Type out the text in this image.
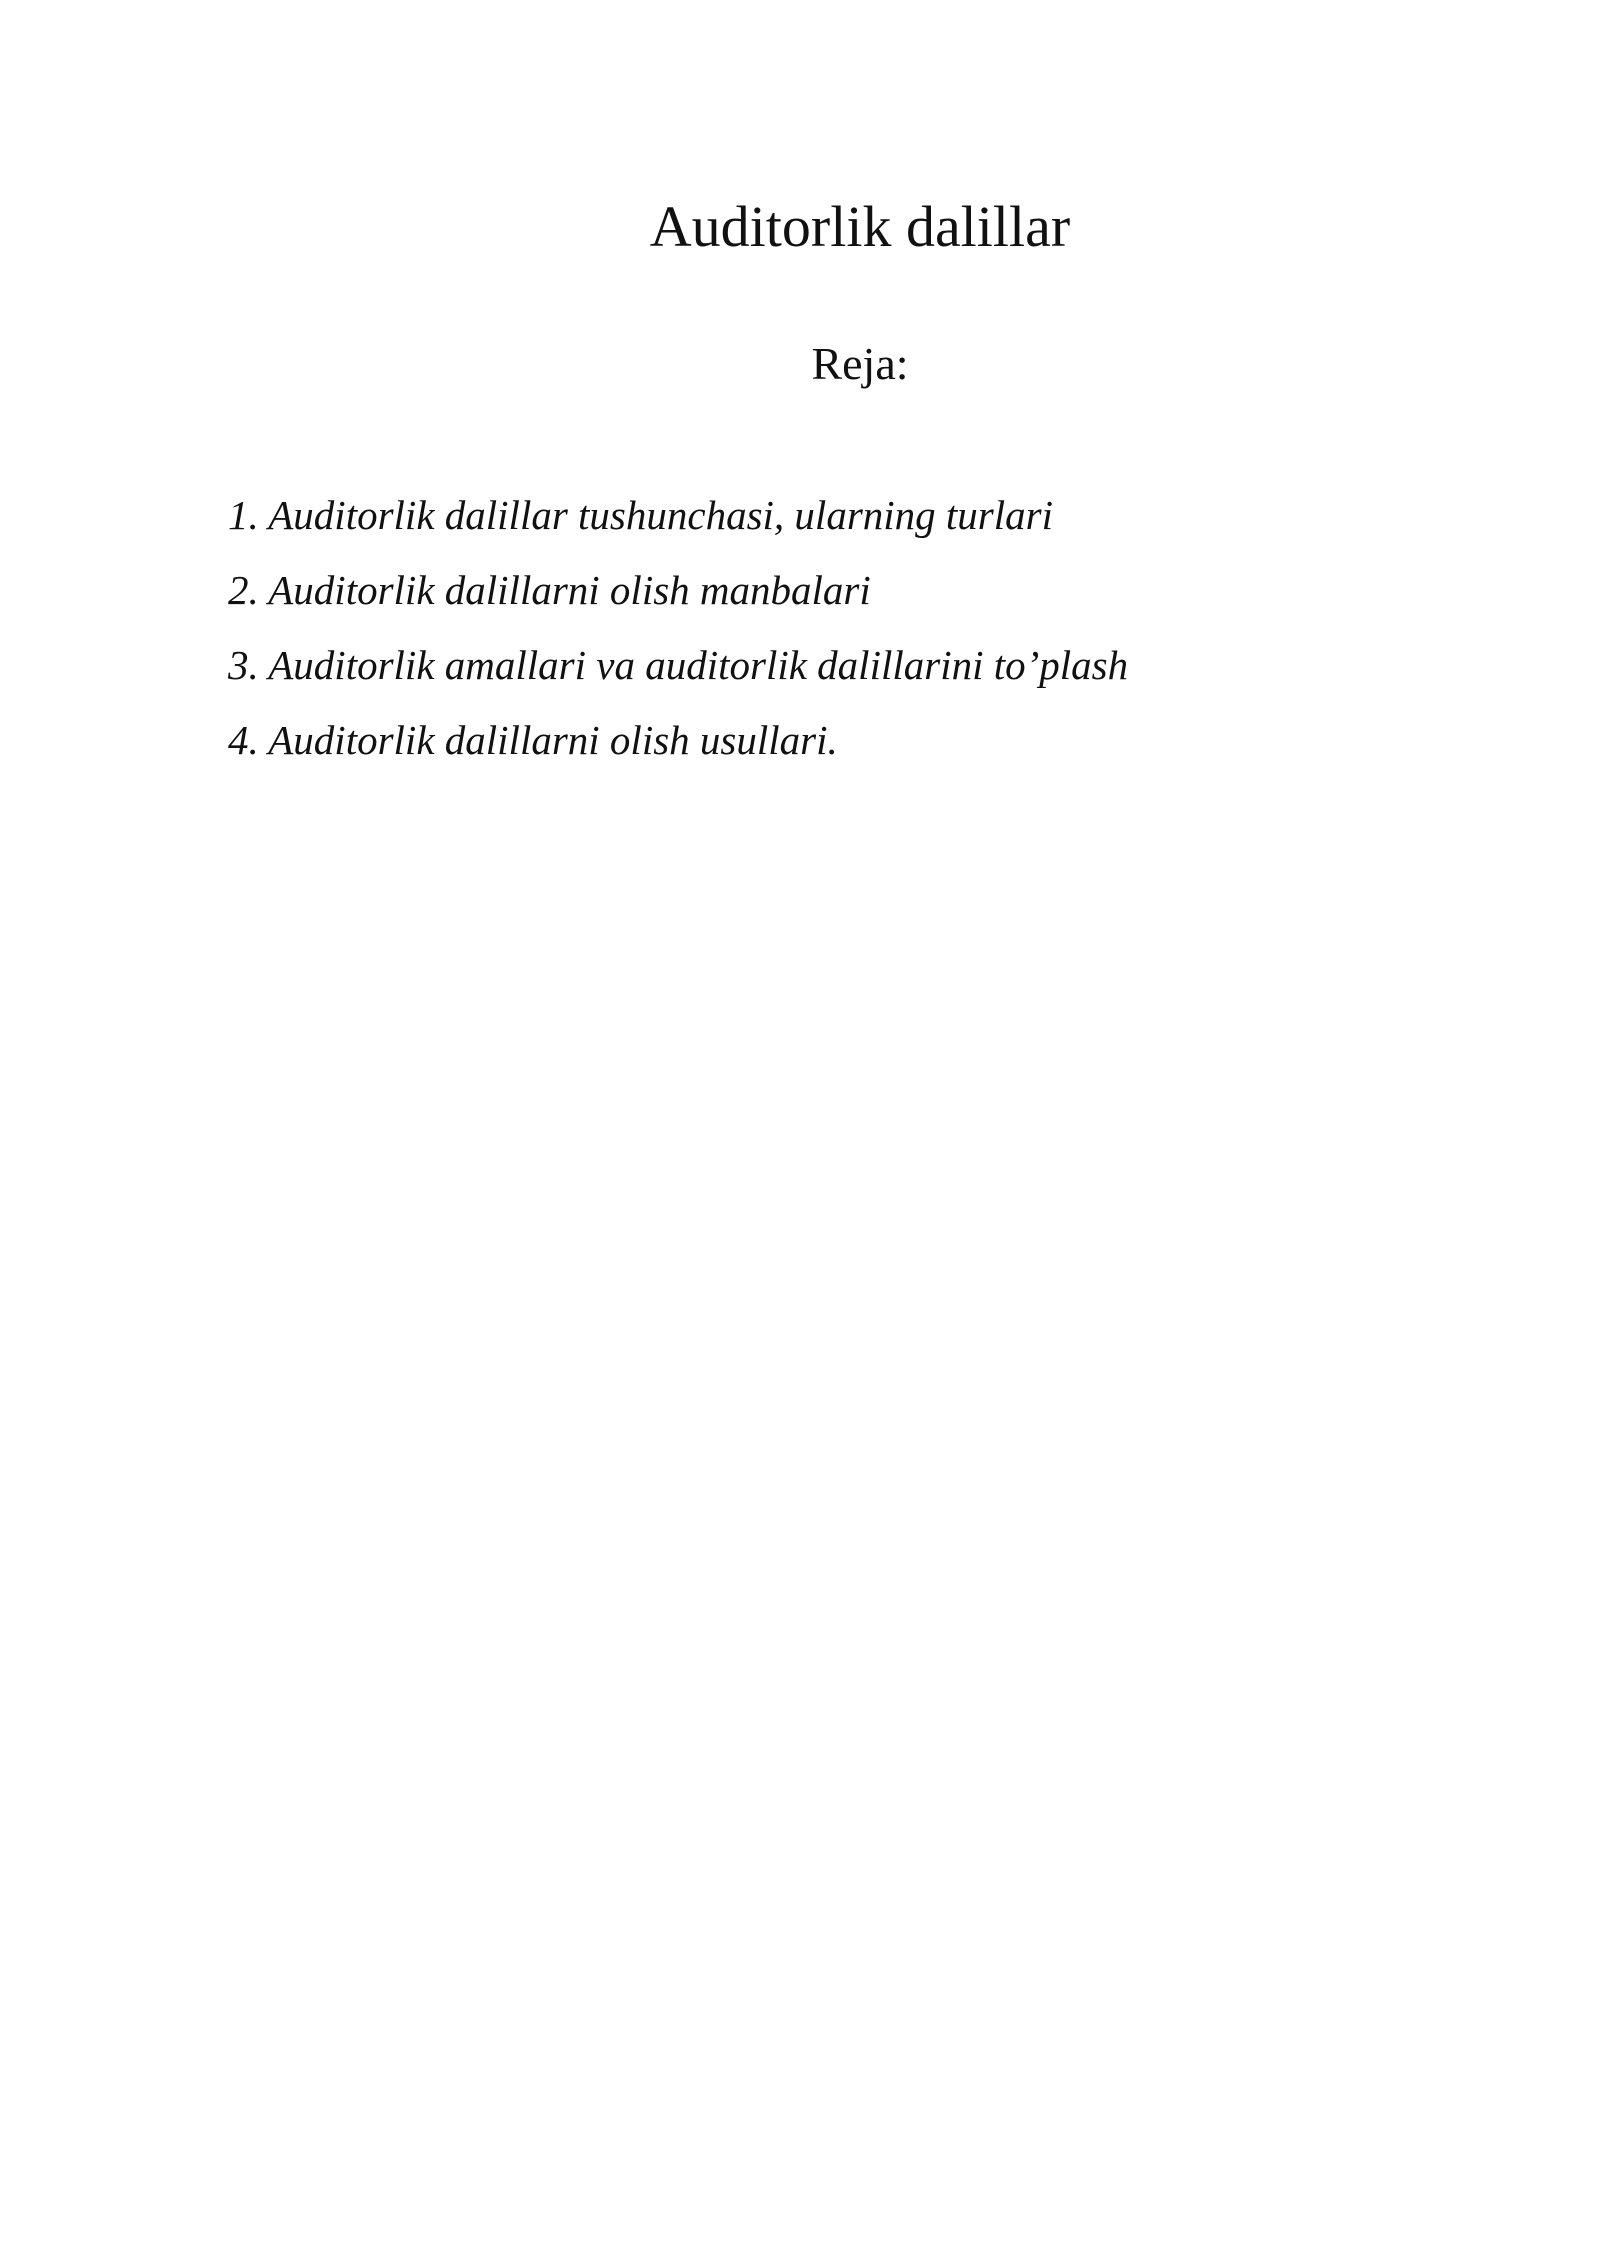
Auditorlik dalillar
Reja:
1. Auditorlik dalillar tushunchasi, ularning turlari
2. Auditorlik dalillarni olish manbalari
3. Auditorlik amallari va auditorlik dalillarini to’plash
4. Auditorlik dalillarni olish usullari.
